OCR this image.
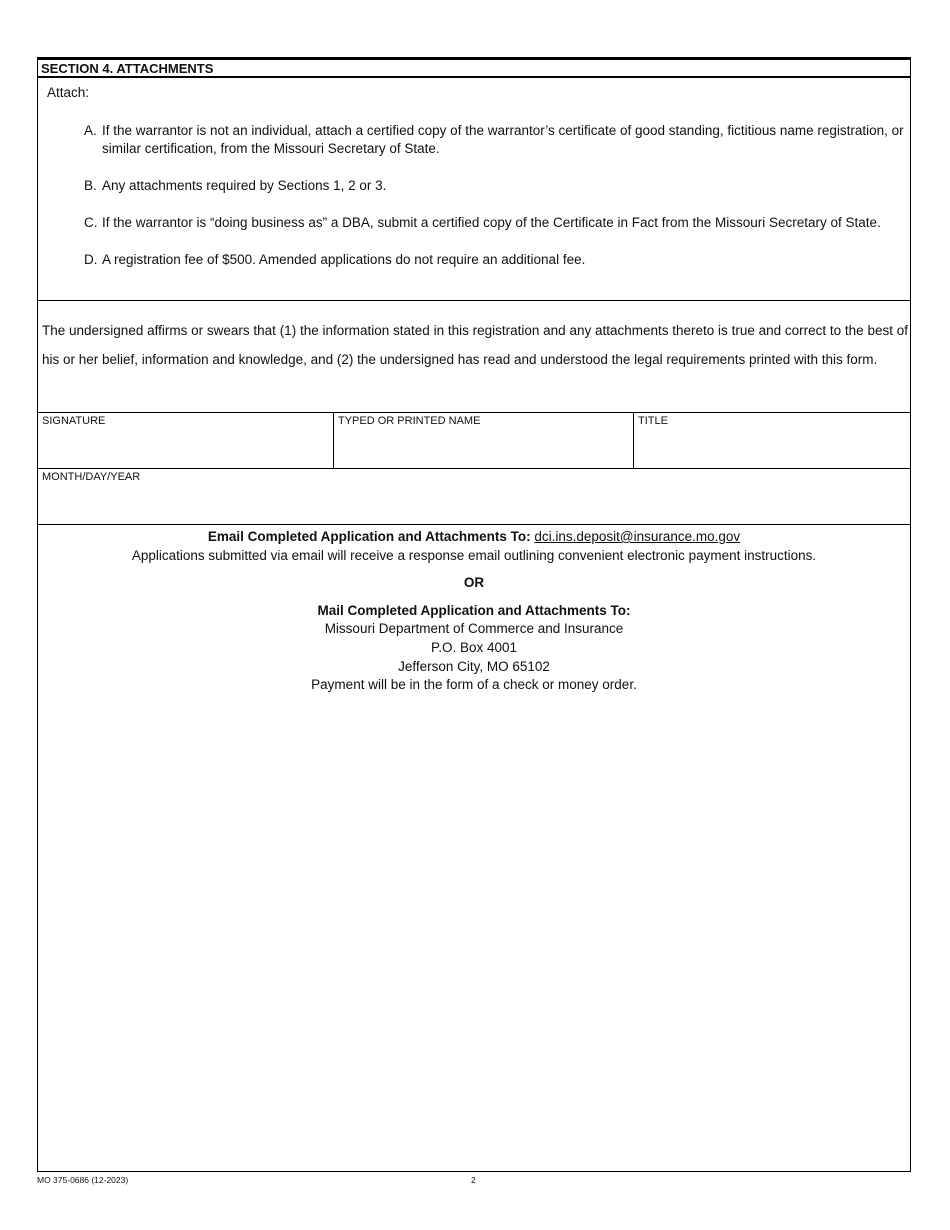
SECTION 4. ATTACHMENTS
Attach:
A. If the warrantor is not an individual, attach a certified copy of the warrantor’s certificate of good standing, fictitious name registration, or similar certification, from the Missouri Secretary of State.
B. Any attachments required by Sections 1, 2 or 3.
C. If the warrantor is “doing business as” a DBA, submit a certified copy of the Certificate in Fact from the Missouri Secretary of State.
D. A registration fee of $500. Amended applications do not require an additional fee.
The undersigned affirms or swears that (1) the information stated in this registration and any attachments thereto is true and correct to the best of his or her belief, information and knowledge, and (2) the undersigned has read and understood the legal requirements printed with this form.
SIGNATURE	TYPED OR PRINTED NAME	TITLE
MONTH/DAY/YEAR
Email Completed Application and Attachments To: dci.ins.deposit@insurance.mo.gov
Applications submitted via email will receive a response email outlining convenient electronic payment instructions.
OR
Mail Completed Application and Attachments To:
Missouri Department of Commerce and Insurance
P.O. Box 4001
Jefferson City, MO 65102
Payment will be in the form of a check or money order.
MO 375-0686 (12-2023)	2
